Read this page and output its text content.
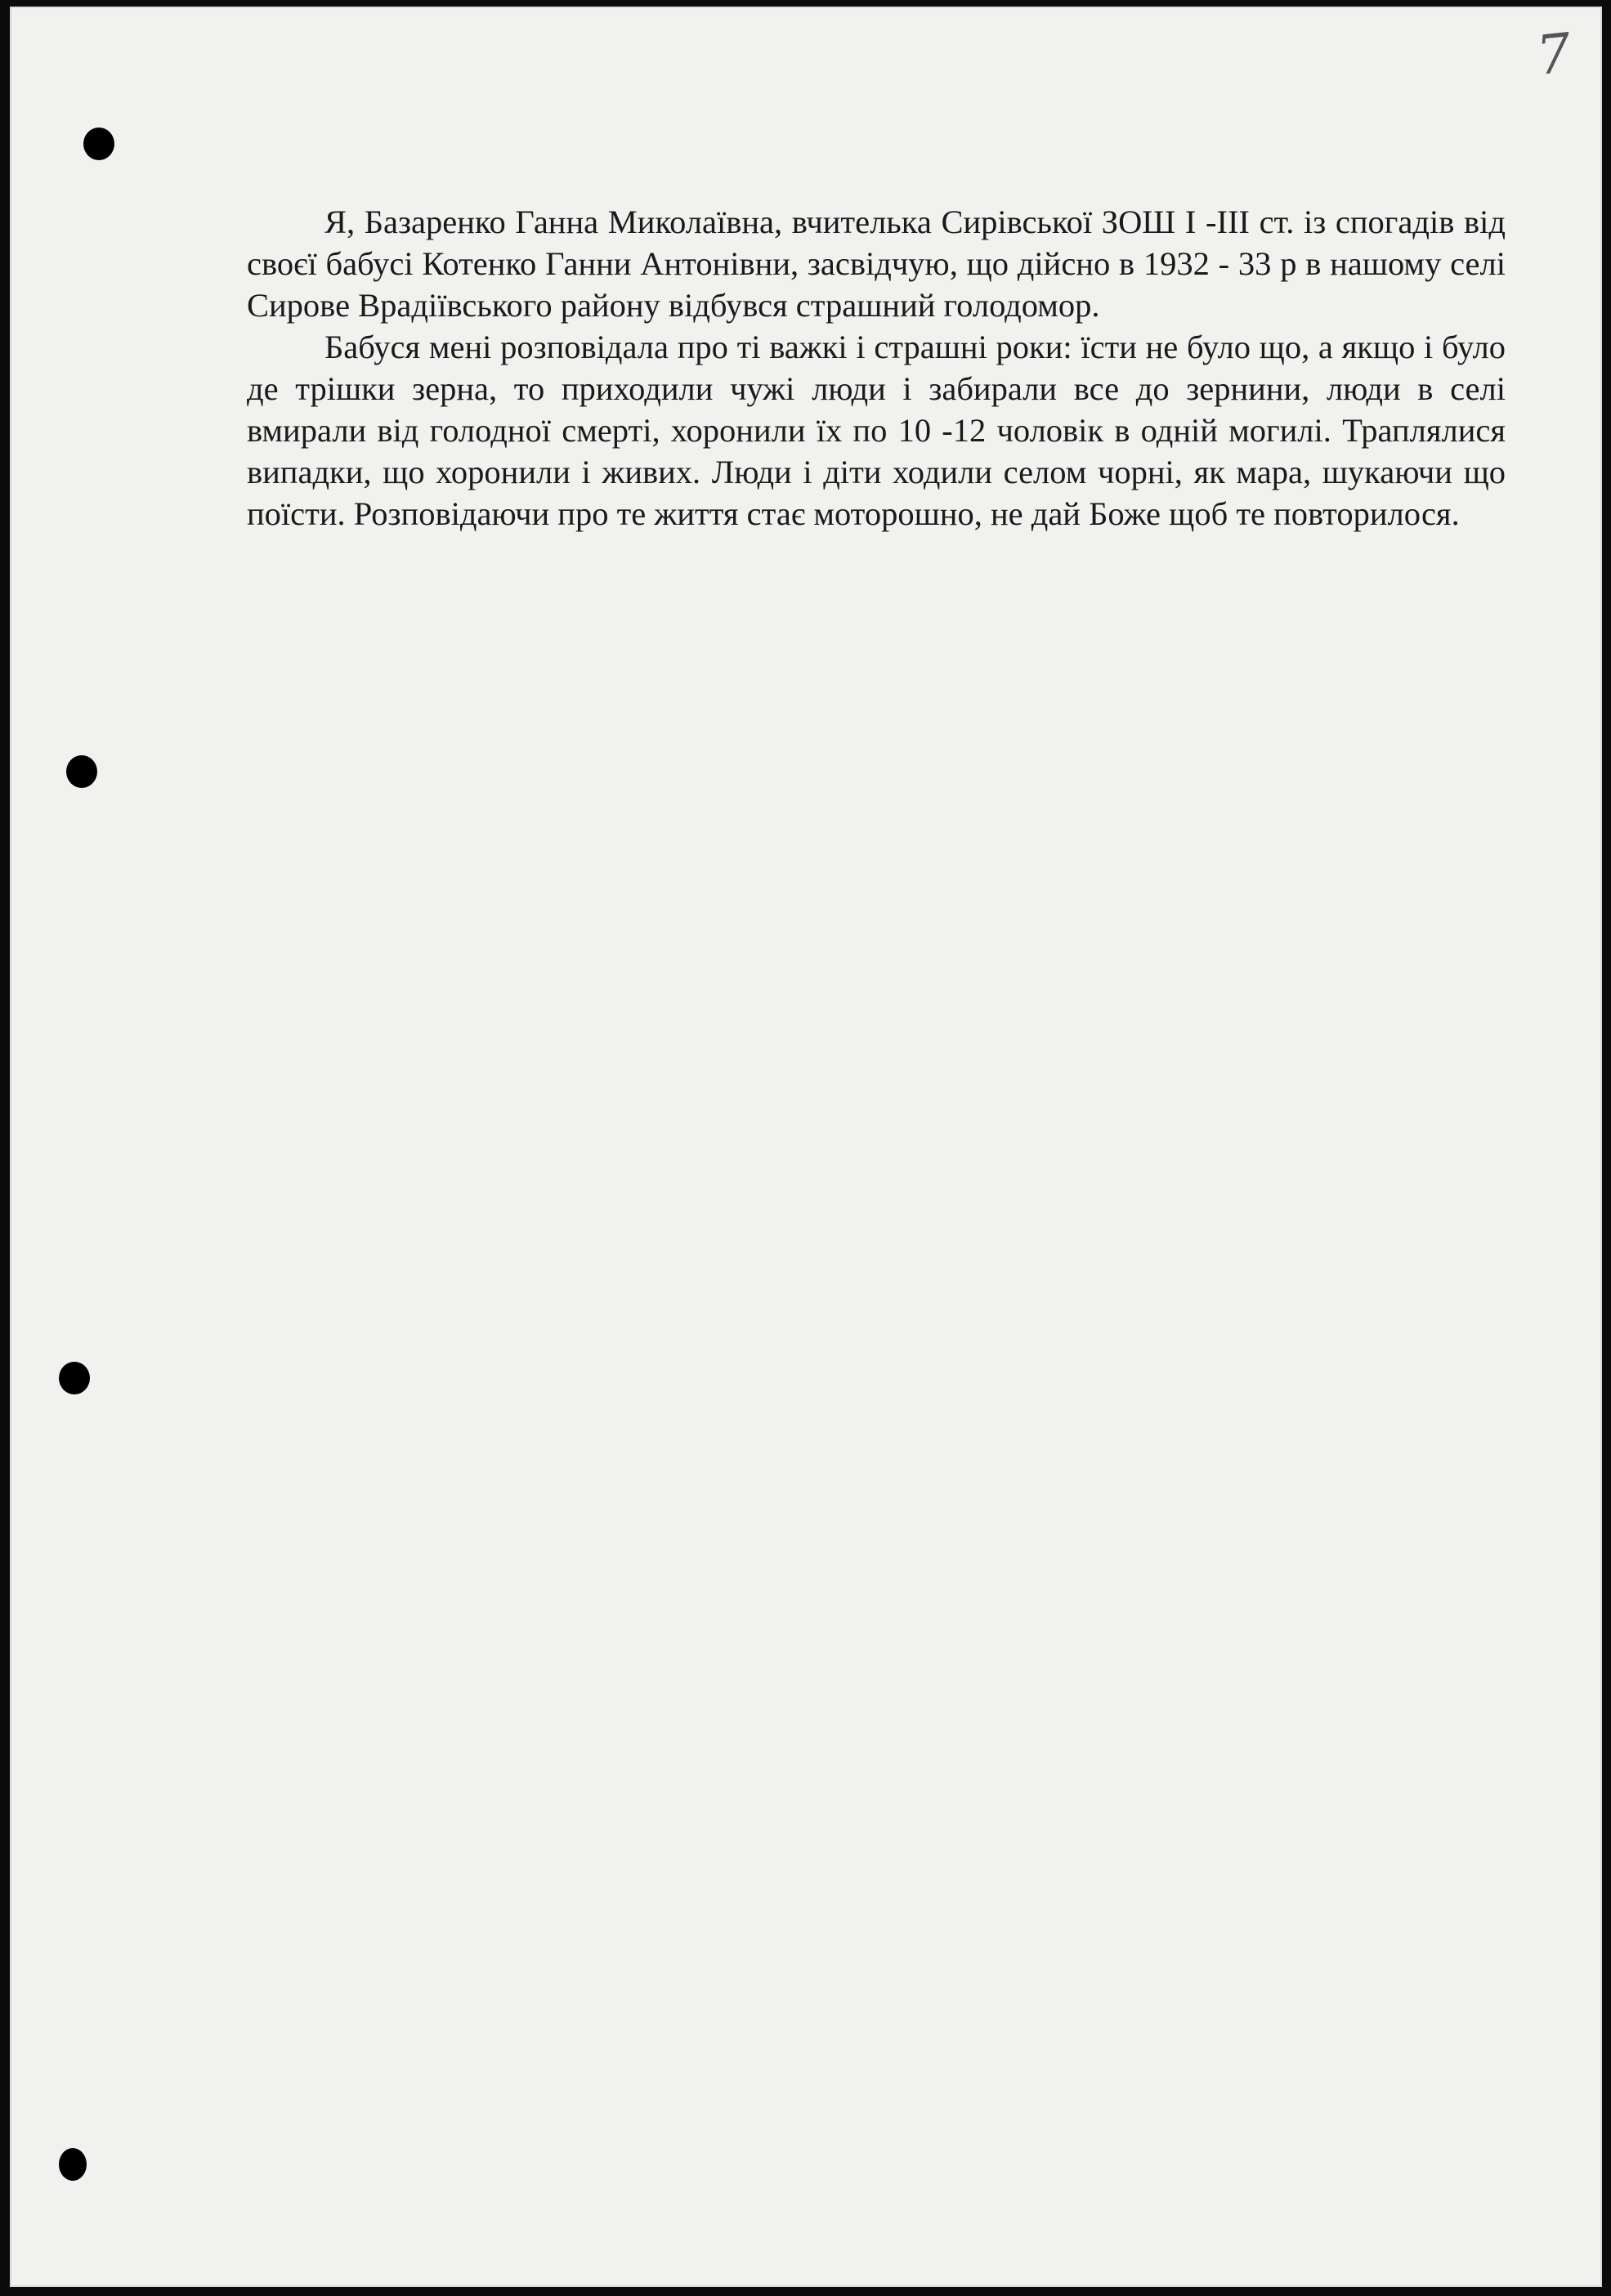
7

Я, Базаренко Ганна Миколаївна, вчителька Сирівської ЗОШ І -ІІІ ст. із спогадів від своєї бабусі Котенко Ганни Антонівни, засвідчую, що дійсно в 1932 - 33 р в нашому селі Сирове Врадіївського району відбувся страшний голодомор.

Бабуся мені розповідала про ті важкі і страшні роки: їсти не було що, а якщо і було де трішки зерна, то приходили чужі люди і забирали все до зернини, люди в селі вмирали від голодної смерті, хоронили їх по 10 -12 чоловік в одній могилі. Траплялися випадки, що хоронили і живих. Люди і діти ходили селом чорні, як мара, шукаючи що поїсти. Розповідаючи про те життя стає моторошно, не дай Боже щоб те повторилося.
